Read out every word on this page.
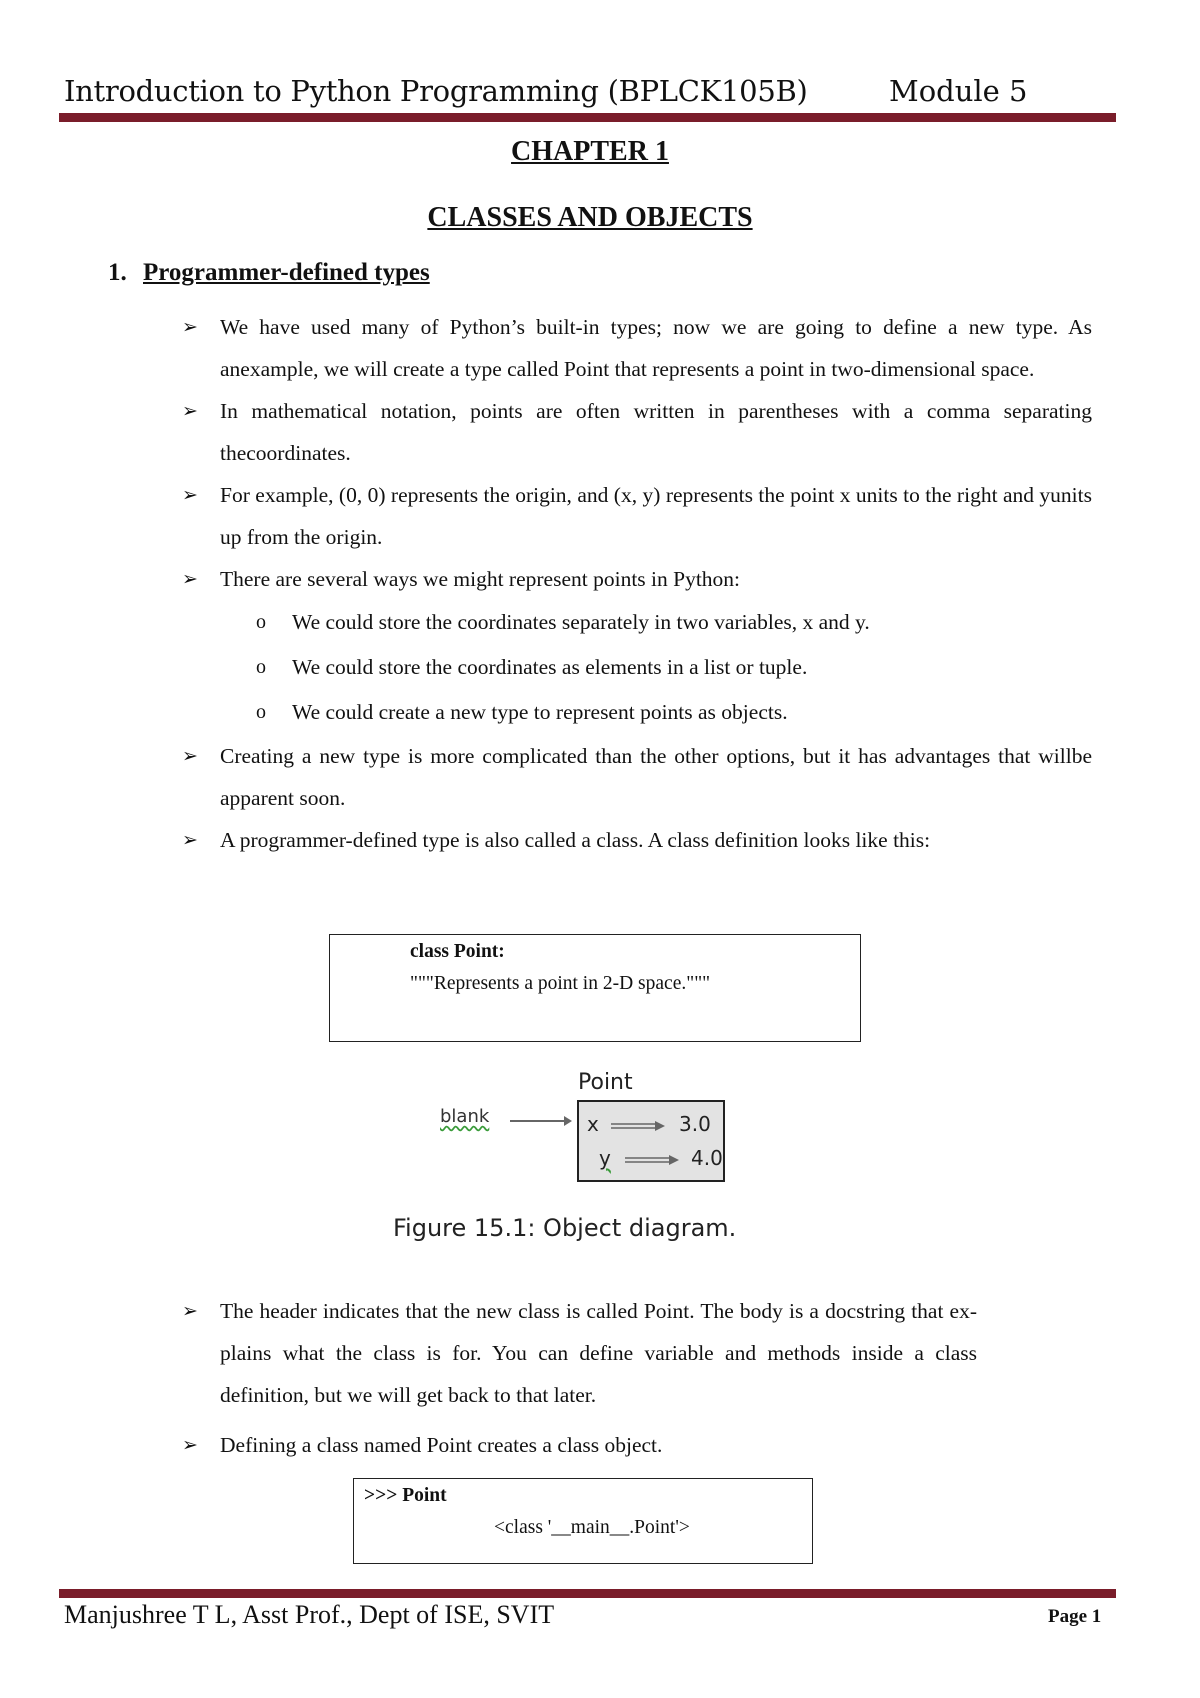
Introduction to Python Programming (BPLCK105B)	Module 5
CHAPTER 1
CLASSES AND OBJECTS
1. Programmer-defined types
➢ We have used many of Python’s built-in types; now we are going to define a new type. As anexample, we will create a type called Point that represents a point in two-dimensional space.
➢ In mathematical notation, points are often written in parentheses with a comma separating thecoordinates.
➢ For example, (0, 0) represents the origin, and (x, y) represents the point x units to the right and yunits up from the origin.
➢ There are several ways we might represent points in Python:
o We could store the coordinates separately in two variables, x and y.
o We could store the coordinates as elements in a list or tuple.
o We could create a new type to represent points as objects.
➢ Creating a new type is more complicated than the other options, but it has advantages that willbe apparent soon.
➢ A programmer-defined type is also called a class. A class definition looks like this:
class Point:
"""Represents a point in 2-D space."""
Point
blank	x	3.0
y	4.0
Figure 15.1: Object diagram.
➢ The header indicates that the new class is called Point. The body is a docstring that ex-plains what the class is for. You can define variable and methods inside a class definition, but we will get back to that later.
➢ Defining a class named Point creates a class object.
>>> Point
<class '__main__.Point'>
Manjushree T L, Asst Prof., Dept of ISE, SVIT	Page 1
